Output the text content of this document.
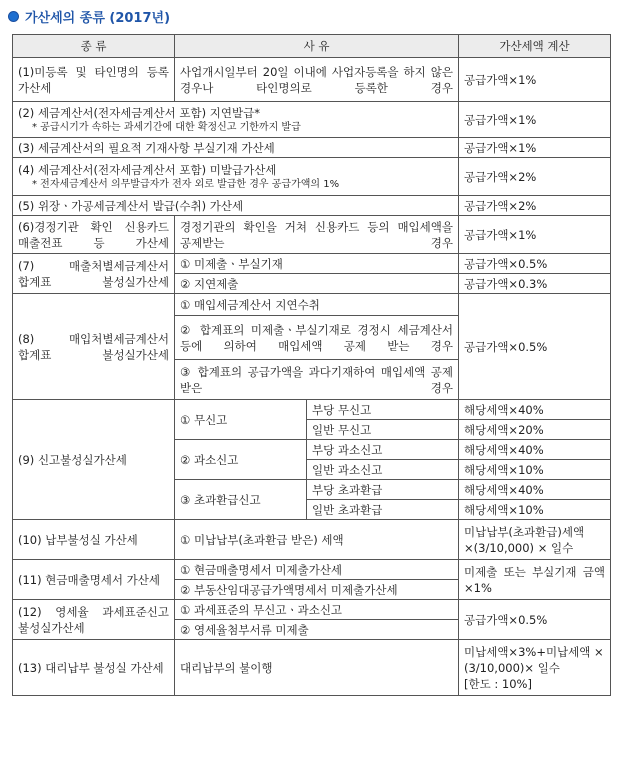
가산세의 종류 (2017년)
종 류	사 유		가산세액 계산
(1)미등록 및 타인명의 등록 가산세	사업개시일부터 20일 이내에 사업자등록을 하지 않은 경우나 타인명의로 등록한 경우		공급가액×1%

(2) 세금계산서(전자세금계산서 포함) 지연발급*
* 공급시기가 속하는 과세기간에 대한 확정신고 기한까지 발급			공급가액×1%
(3) 세금계산서의 필요적 기재사항 부실기재 가산세			공급가액×1%

(4) 세금계산서(전자세금계산서 포함) 미발급가산세
* 전자세금계산서 의무발급자가 전자 외로 발급한 경우 공급가액의 1%			공급가액×2%
(5) 위장ㆍ가공세금계산서 발급(수취) 가산세			공급가액×2%
(6)경정기관 확인 신용카드 매출전표 등 가산세	경정기관의 확인을 거쳐 신용카드 등의 매입세액을 공제받는 경우		공급가액×1%
(7) 매출처별세금계산서 합계표 불성실가산세	① 미제출ㆍ부실기재		공급가액×0.5%
	② 지연제출		공급가액×0.3%
(8) 매입처별세금계산서 합계표 불성실가산세	① 매입세금계산서 지연수취		공급가액×0.5%
	② 합계표의 미제출ㆍ부실기재로 경정시 세금계산서 등에 의하여 매입세액 공제 받는 경우		
	③ 합계표의 공급가액을 과다기재하여 매입세액 공제 받은 경우		
(9) 신고불성실가산세	① 무신고	부당 무신고	해당세액×40%
		일반 무신고	해당세액×20%
	② 과소신고	부당 과소신고	해당세액×40%
		일반 과소신고	해당세액×10%
	③ 초과환급신고	부당 초과환급	해당세액×40%
		일반 초과환급	해당세액×10%
(10) 납부불성실 가산세	① 미납납부(초과환급 받은) 세액		미납납부(초과환급)세액 ×(3/10,000) × 일수
(11) 현금매출명세서 가산세	① 현금매출명세서 미제출가산세		미제출 또는 부실기재 금액×1%
	② 부동산임대공급가액명세서 미제출가산세		
(12) 영세율 과세표준신고 불성실가산세	① 과세표준의 무신고ㆍ과소신고		공급가액×0.5%
	② 영세율첨부서류 미제출		
(13) 대리납부 불성실 가산세	대리납부의 불이행		미납세액×3%+미납세액 × (3/10,000)× 일수
[한도 : 10%]
